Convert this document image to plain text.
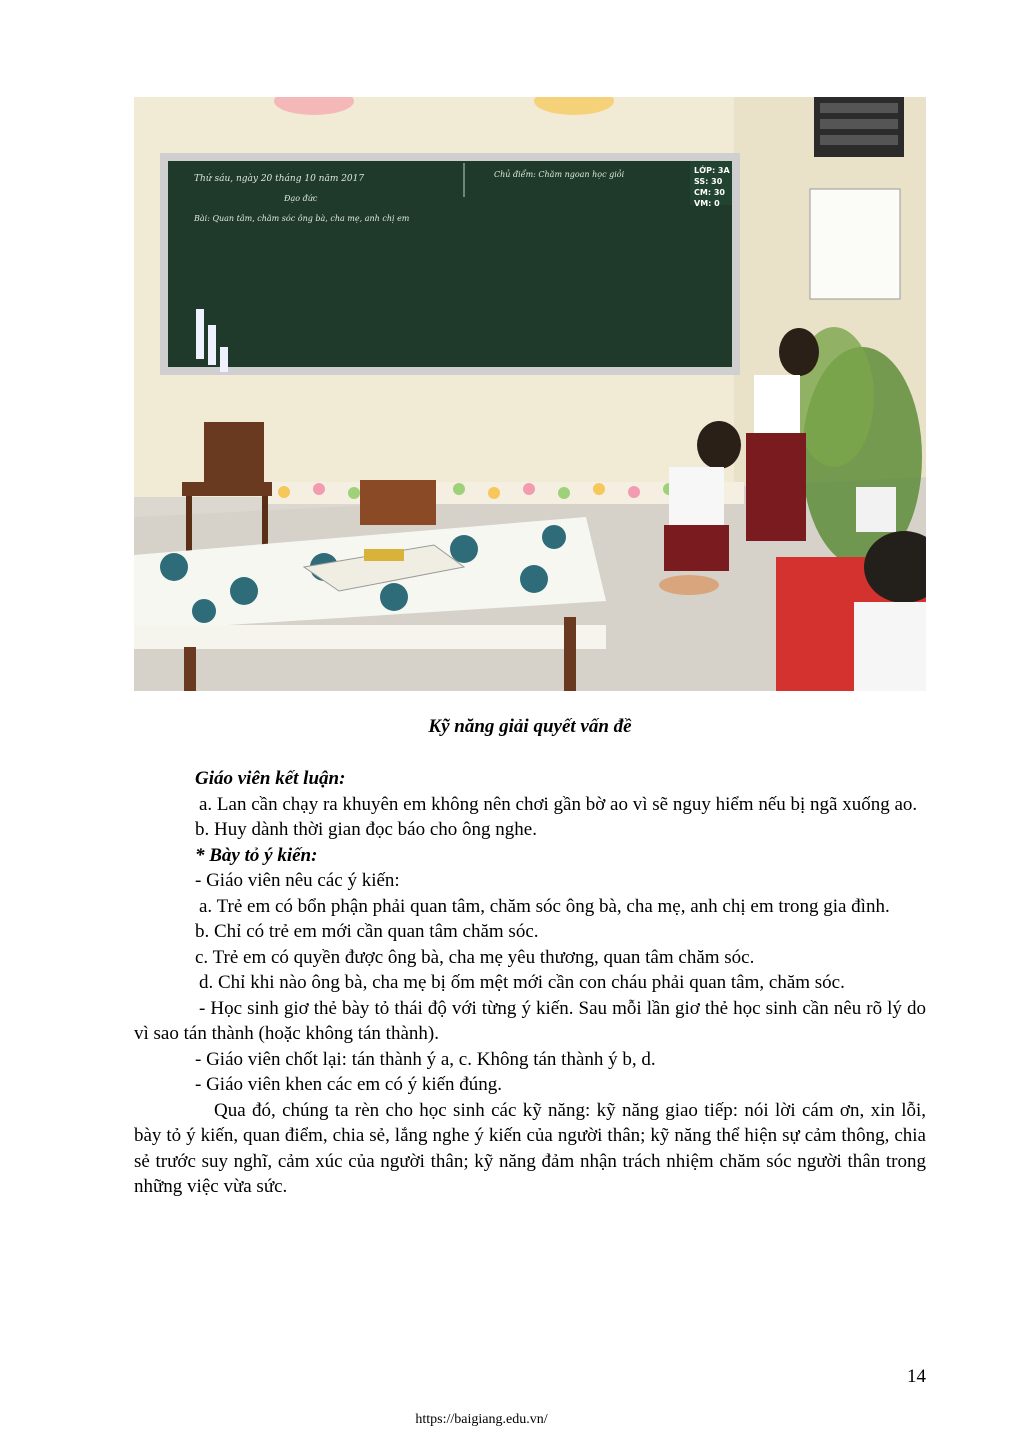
Thứ sáu, ngày 20 tháng 10 năm 2017
Đạo đức
Bài: Quan tâm, chăm sóc ông bà, cha mẹ, anh chị em
Chủ điểm: Chăm ngoan học giỏi	LỚP: 3A
SS: 30
CM: 30
VM: 0
Kỹ năng giải quyết vấn đề

Giáo viên kết luận:

a. Lan cần chạy ra khuyên em không nên chơi gần bờ ao vì sẽ nguy hiểm nếu bị ngã xuống ao.

b. Huy dành thời gian đọc báo cho ông nghe.

* Bày tỏ ý kiến:

- Giáo viên nêu các ý kiến:

a. Trẻ em có bổn phận phải quan tâm, chăm sóc ông bà, cha mẹ, anh chị em trong gia đình.

b. Chỉ có trẻ em mới cần quan tâm chăm sóc.

c. Trẻ em có quyền được ông bà, cha mẹ yêu thương, quan tâm chăm sóc.

d. Chỉ khi nào ông bà, cha mẹ bị ốm mệt mới cần con cháu phải quan tâm, chăm sóc.

- Học sinh giơ thẻ bày tỏ thái độ với từng ý kiến. Sau mỗi lần giơ thẻ học sinh cần nêu rõ lý do vì sao tán thành (hoặc không tán thành).

- Giáo viên chốt lại: tán thành ý a, c. Không tán thành ý b, d.

- Giáo viên khen các em có ý kiến đúng.

Qua đó, chúng ta rèn cho học sinh các kỹ năng: kỹ năng giao tiếp: nói lời cám ơn, xin lỗi, bày tỏ ý kiến, quan điểm, chia sẻ, lắng nghe ý kiến của người thân; kỹ năng thể hiện sự cảm thông, chia sẻ trước suy nghĩ, cảm xúc của người thân; kỹ năng đảm nhận trách nhiệm chăm sóc người thân trong những việc vừa sức.

14
https://baigiang.edu.vn/
